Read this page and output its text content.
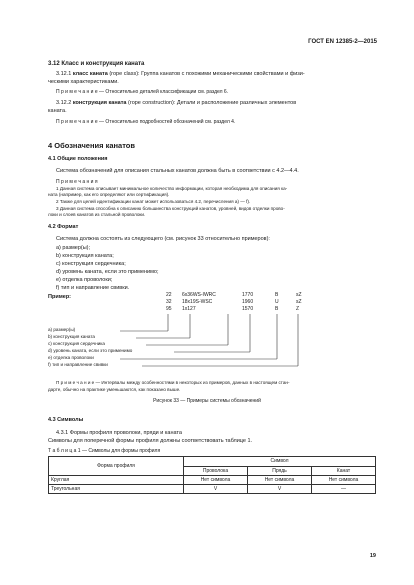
ГОСТ EN 12385-2—2015
3.12 Класс и конструкция каната
3.12.1 класс каната (rope class): Группа канатов с похожими механическими свойствами и физи-
ческими характеристиками.
П р и м е ч а н и е — Относительно деталей классификации см. раздел 6.
3.12.2 конструкция каната (rope construction): Детали и расположение различных элементов
каната.
П р и м е ч а н и е — Относительно подробностей обозначений см. раздел 4.
4 Обозначения канатов
4.1 Общие положения
Система обозначений для описания стальных канатов должна быть в соответствии с 4.2—4.4.
П р и м е ч а н и я
1 Данная система описывает минимальное количество информации, которая необходима для описания ка-
ната (например, как его определяют или сертификация).
2 Также для целей идентификации канат может использоваться 4.2, перечисления а) — f).
3 Данная система способна к описанию большинства конструкций канатов, уровней, видов отделки прово-
локи и слоев канатов из стальной проволоки.
4.2 Формат
Система должна состоять из следующего (см. рисунок 33 относительно примеров):
а) размер(ы);
b) конструкция каната;
с) конструкция сердечника;
d) уровень каната, если это применимо;
е) отделка проволоки;
f) тип и направление свивки.
Пример:	22 6х36WS-IWRC	1770	B	sZ
32 18х19S-WSC	1960	U	sZ
95 1х127	1570	B	Z
а) размер(ы)
b) конструкция каната
с) конструкция сердечника
d) уровень каната, если это применимо
е) отделка проволоки
f) тип и направление свивки
П р и м е ч а н и е — Интервалы между особенностями в некоторых из примеров, данных в настоящем стан-
дарте, обычно на практике уменьшаются, как показано выше.
Рисунок 33 — Примеры системы обозначений
4.3 Символы
4.3.1 Формы профиля проволоки, пряди и каната
Символы для поперечной формы профиля должны соответствовать таблице 1.
Т а б л и ц а 1 — Символы для формы профиля
Форма профиля	Символ		
	Проволока	Прядь	Канат
Круглая	Нет символа	Нет символа	Нет символа
Треугольная	V	V	—
19
